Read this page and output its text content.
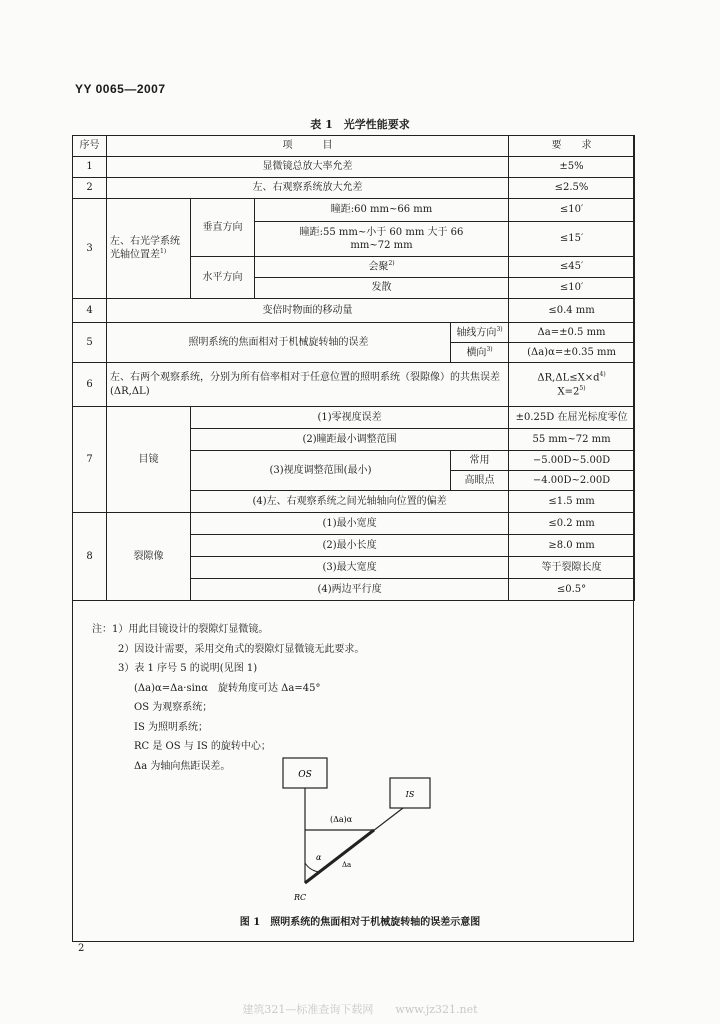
YY 0065—2007
表 1　光学性能要求
序号	项　　　目				要　　求
1	显微镜总放大率允差				±5%
2	左、右观察系统放大允差				≤2.5%
3	左、右光学系统光轴位置差$^{1)}$	垂直方向	瞳距:60 mm~66 mm		≤10′
			瞳距:55 mm~小于 60 mm 大于 66 mm~72 mm		≤15′
		水平方向	会聚$^{2)}$		≤45′
			发散		≤10′
4	变倍时物面的移动量				≤0.4 mm
5	照明系统的焦面相对于机械旋转轴的误差			轴线方向$^{3)}$	Δa=±0.5 mm
				横向$^{3)}$	(Δa)α=±0.35 mm
6	左、右两个观察系统，分别为所有倍率相对于任意位置的照明系统（裂隙像）的共焦误差(ΔR,ΔL)				$\Delta R,\Delta L\le X\times d^{4)}$
$X=2^{5)}$

7	目镜	(1)零视度误差			±0.25D 在屈光标度零位
		(2)瞳距最小调整范围			55 mm~72 mm
		(3)视度调整范围(最小)		常用	−5.00D~5.00D
				高眼点	−4.00D~2.00D
		(4)左、右观察系统之间光轴轴向位置的偏差			≤1.5 mm
8	裂隙像	(1)最小宽度			≤0.2 mm
		(2)最小长度			≥8.0 mm
		(3)最大宽度			等于裂隙长度
		(4)两边平行度			≤0.5°
注：1）用此目镜设计的裂隙灯显微镜。
2）因设计需要，采用交角式的裂隙灯显微镜无此要求。
3）表 1 序号 5 的说明(见图 1)
(Δa)α=Δa·sinα　旋转角度可达 Δa=45°
OS 为观察系统；
IS 为照明系统；
RC 是 OS 与 IS 的旋转中心；
Δa 为轴向焦距误差。
OS
IS
(Δa)α
α
Δa
RC
图 1　照明系统的焦面相对于机械旋转轴的误差示意图
2
建筑321—标准查询下载网　　www.jz321.net
